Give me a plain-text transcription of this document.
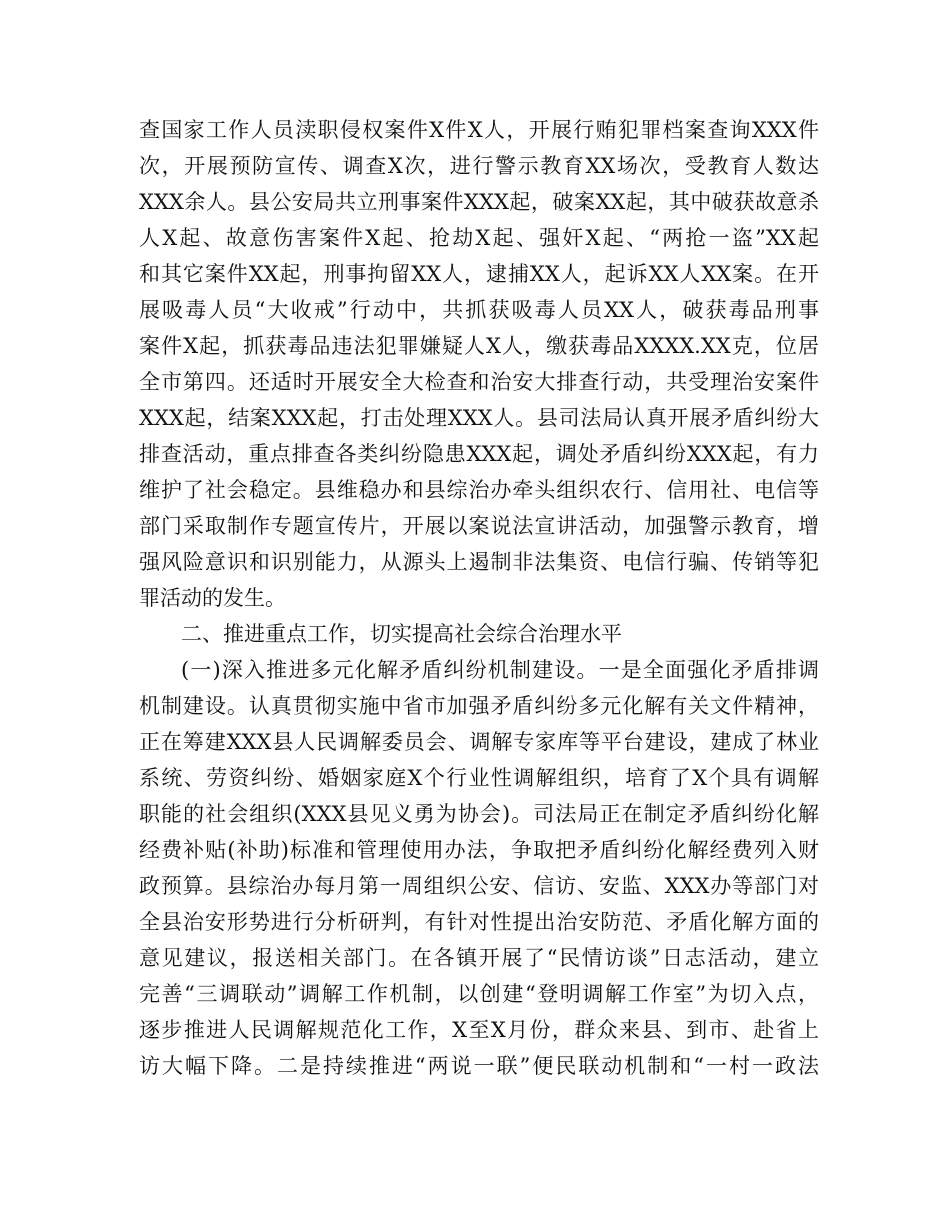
查国家工作人员渎职侵权案件X件X人，开展行贿犯罪档案查询XXX件
次，开展预防宣传、调查X次，进行警示教育XX场次，受教育人数达
XXX余人。县公安局共立刑事案件XXX起，破案XX起，其中破获故意杀
人X起、故意伤害案件X起、抢劫X起、强奸X起、“两抢一盗”XX起
和其它案件XX起，刑事拘留XX人，逮捕XX人，起诉XX人XX案。在开
展吸毒人员“大收戒”行动中，共抓获吸毒人员XX人，破获毒品刑事
案件X起，抓获毒品违法犯罪嫌疑人X人，缴获毒品XXXX.XX克，位居
全市第四。还适时开展安全大检查和治安大排查行动，共受理治安案件
XXX起，结案XXX起，打击处理XXX人。县司法局认真开展矛盾纠纷大
排查活动，重点排查各类纠纷隐患XXX起，调处矛盾纠纷XXX起，有力
维护了社会稳定。县维稳办和县综治办牵头组织农行、信用社、电信等
部门采取制作专题宣传片，开展以案说法宣讲活动，加强警示教育，增
强风险意识和识别能力，从源头上遏制非法集资、电信行骗、传销等犯
罪活动的发生。
二、推进重点工作，切实提高社会综合治理水平
(一)深入推进多元化解矛盾纠纷机制建设。一是全面强化矛盾排调
机制建设。认真贯彻实施中省市加强矛盾纠纷多元化解有关文件精神，
正在筹建XXX县人民调解委员会、调解专家库等平台建设，建成了林业
系统、劳资纠纷、婚姻家庭X个行业性调解组织，培育了X个具有调解
职能的社会组织(XXX县见义勇为协会)。司法局正在制定矛盾纠纷化解
经费补贴(补助)标准和管理使用办法，争取把矛盾纠纷化解经费列入财
政预算。县综治办每月第一周组织公安、信访、安监、XXX办等部门对
全县治安形势进行分析研判，有针对性提出治安防范、矛盾化解方面的
意见建议，报送相关部门。在各镇开展了“民情访谈”日志活动，建立
完善“三调联动”调解工作机制，以创建“登明调解工作室”为切入点，
逐步推进人民调解规范化工作，X至X月份，群众来县、到市、赴省上
访大幅下降。二是持续推进“两说一联”便民联动机制和“一村一政法
